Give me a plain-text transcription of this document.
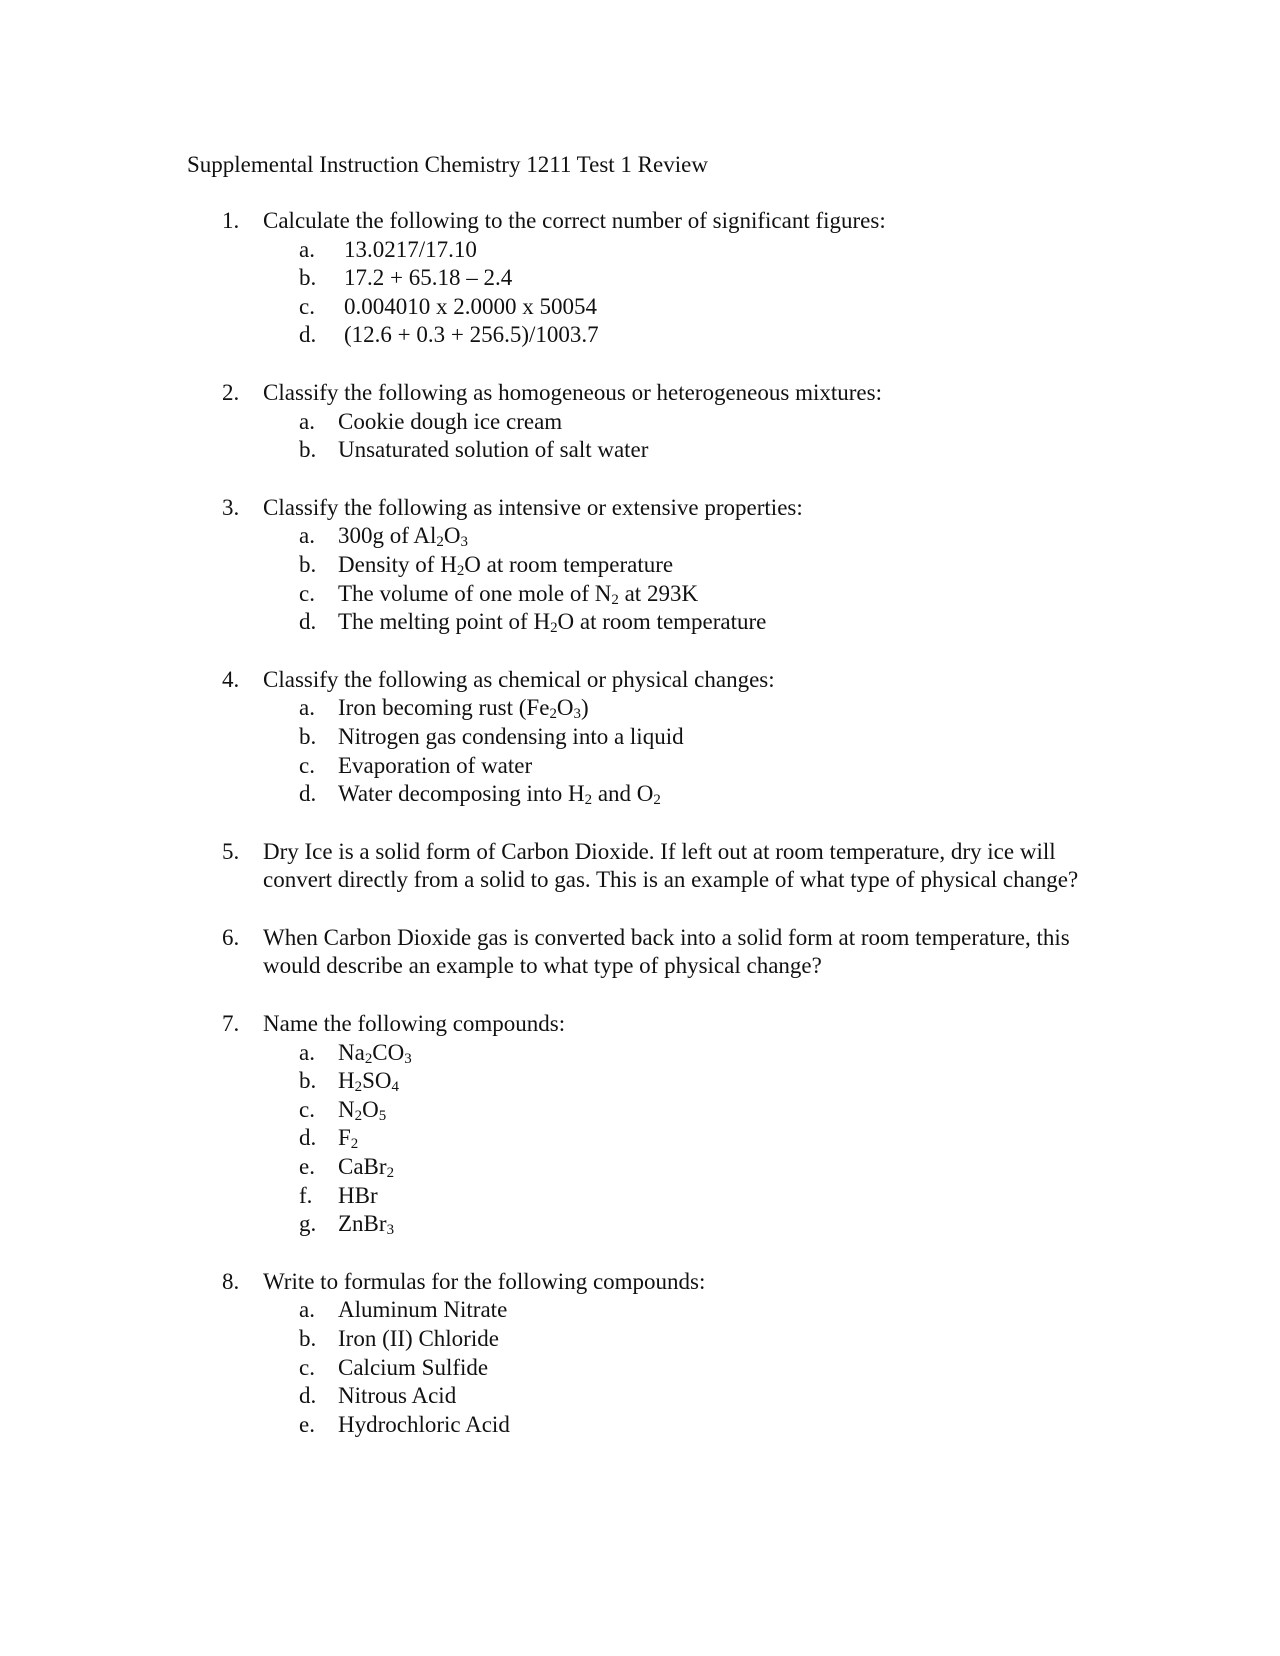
Supplemental Instruction Chemistry 1211 Test 1 Review
1.	Calculate the following to the correct number of significant figures:
a. 13.0217/17.10
b. 17.2 + 65.18 – 2.4
c. 0.004010 x 2.0000 x 50054
d. (12.6 + 0.3 + 256.5)/1003.7
2.	Classify the following as homogeneous or heterogeneous mixtures:
a. Cookie dough ice cream
b. Unsaturated solution of salt water
3.	Classify the following as intensive or extensive properties:
a. 300g of $Al_2O_3$
b. Density of $H_2O$ at room temperature
c. The volume of one mole of $N_2$ at 293K
d. The melting point of $H_2O$ at room temperature
4.	Classify the following as chemical or physical changes:
a. Iron becoming rust $(Fe_2O_3)$
b. Nitrogen gas condensing into a liquid
c. Evaporation of water
d. Water decomposing into $H_2$ and $O_2$
5.	Dry Ice is a solid form of Carbon Dioxide. If left out at room temperature, dry ice will convert directly from a solid to gas. This is an example of what type of physical change?
6.	When Carbon Dioxide gas is converted back into a solid form at room temperature, this would describe an example to what type of physical change?
7.	Name the following compounds:
a. $Na_2CO_3$
b. $H_2SO_4$
c. $N_2O_5$
d. $F_2$
e. CaBr$_2$
f. HBr
g. ZnBr$_3$
8.	Write to formulas for the following compounds:
a. Aluminum Nitrate
b. Iron (II) Chloride
c. Calcium Sulfide
d. Nitrous Acid
e. Hydrochloric Acid
